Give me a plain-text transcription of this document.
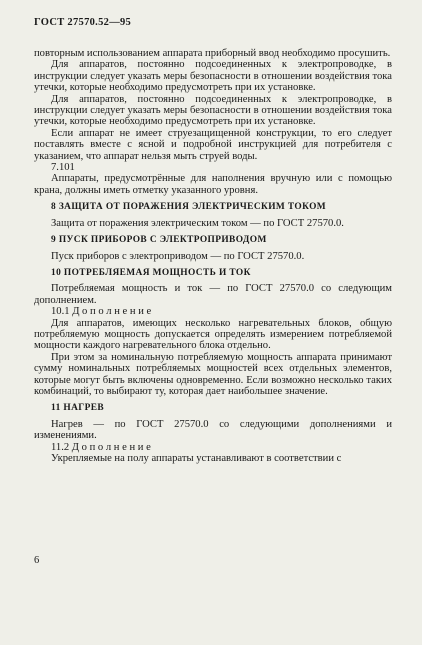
ГОСТ 27570.52—95

повторным использованием аппарата приборный ввод необходимо просушить.

Для аппаратов, постоянно подсоединенных к электропроводке, в инструкции следует указать меры безопасности в отношении воздействия тока утечки, которые необходимо предусмотреть при их установке.

Для аппаратов, постоянно подсоединенных к электропроводке, в инструкции следует указать меры безопасности в отношении воздействия тока утечки, которые необходимо предусмотреть при их установке.

Если аппарат не имеет струезащищенной конструкции, то его следует поставлять вместе с ясной и подробной инструкцией для потребителя с указанием, что аппарат нельзя мыть струей воды.

7.101

Аппараты, предусмотрённые для наполнения вручную или с помощью крана, должны иметь отметку указанного уровня.

8 ЗАЩИТА ОТ ПОРАЖЕНИЯ ЭЛЕКТРИЧЕСКИМ ТОКОМ

Защита от поражения электрическим током — по ГОСТ 27570.0.

9 ПУСК ПРИБОРОВ С ЭЛЕКТРОПРИВОДОМ

Пуск приборов с электроприводом — по ГОСТ 27570.0.

10 ПОТРЕБЛЯЕМАЯ МОЩНОСТЬ И ТОК

Потребляемая мощность и ток — по ГОСТ 27570.0 со следующим дополнением.

10.1 Д о п о л н е н и е

Для аппаратов, имеющих несколько нагревательных блоков, общую потребляемую мощность допускается определять измерением потребляемой мощности каждого нагревательного блока отдельно.

При этом за номинальную потребляемую мощность аппарата принимают сумму номинальных потребляемых мощностей всех отдельных элементов, которые могут быть включены одновременно. Если возможно несколько таких комбинаций, то выбирают ту, которая дает наибольшее значение.

11 НАГРЕВ

Нагрев — по ГОСТ 27570.0 со следующими дополнениями и изменениями.

11.2 Д о п о л н е н и е

Укрепляемые на полу аппараты устанавливают в соответствии с

6
